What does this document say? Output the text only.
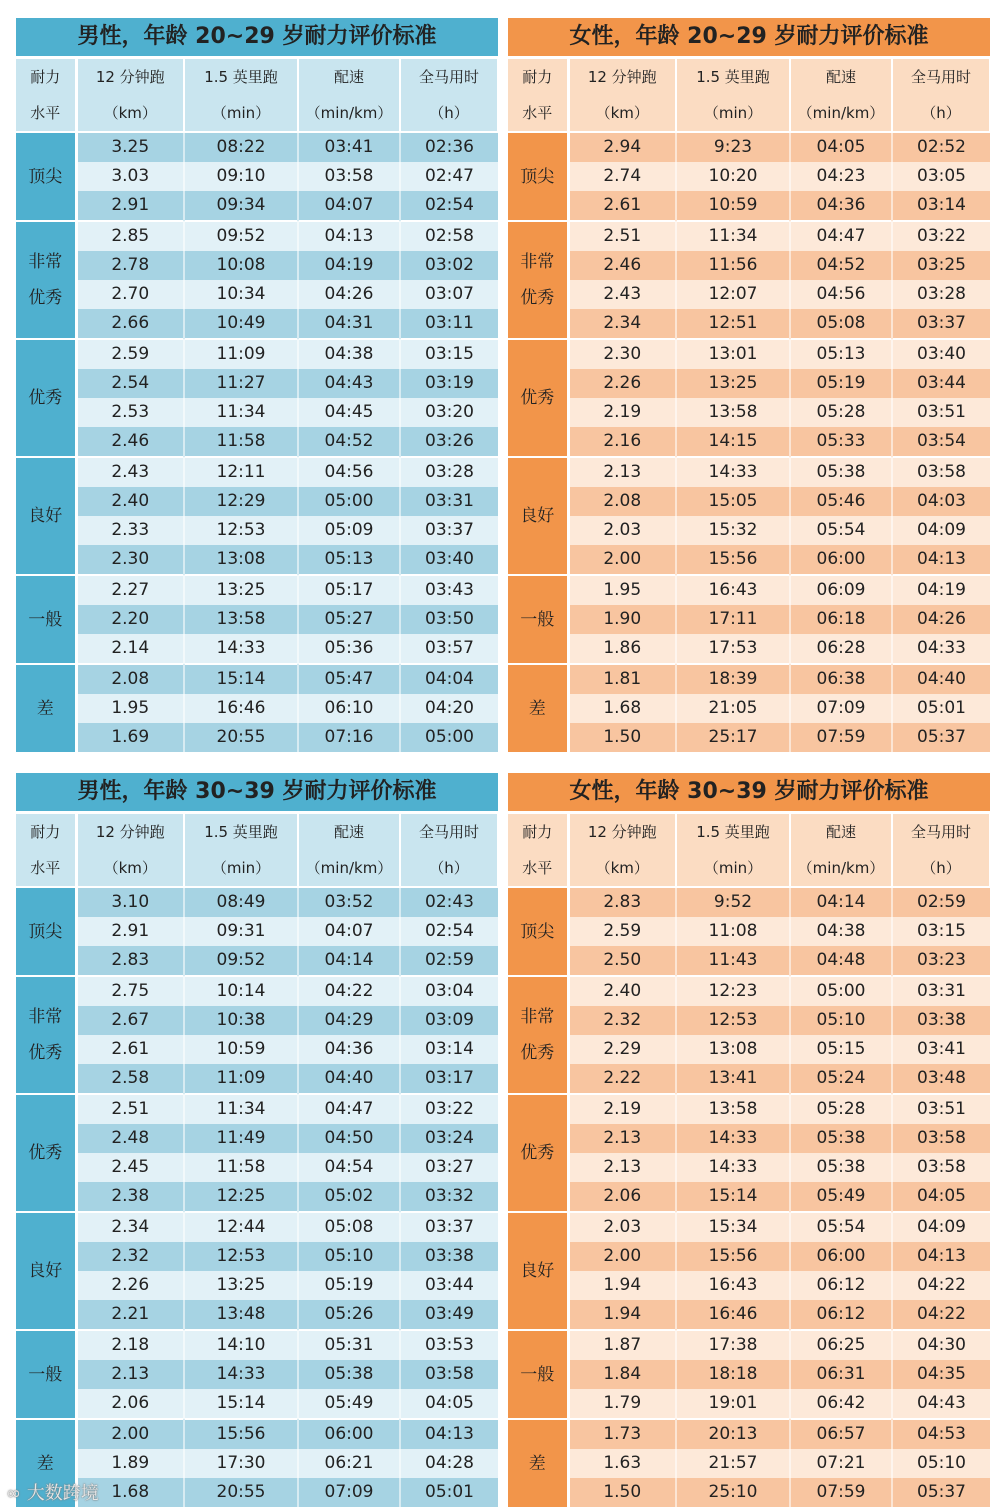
男性，年龄 20~29 岁耐力评价标准
耐力	12 分钟跑	1.5 英里跑	配速	全马用时
水平	（km）	（min）	（min/km）	（h）
顶尖	3.25	08:22	03:41	02:36
	3.03	09:10	03:58	02:47
	2.91	09:34	04:07	02:54

非常
优秀	2.85	09:52	04:13	02:58
	2.78	10:08	04:19	03:02
	2.70	10:34	04:26	03:07
	2.66	10:49	04:31	03:11
优秀	2.59	11:09	04:38	03:15
	2.54	11:27	04:43	03:19
	2.53	11:34	04:45	03:20
	2.46	11:58	04:52	03:26
良好	2.43	12:11	04:56	03:28
	2.40	12:29	05:00	03:31
	2.33	12:53	05:09	03:37
	2.30	13:08	05:13	03:40
一般	2.27	13:25	05:17	03:43
	2.20	13:58	05:27	03:50
	2.14	14:33	05:36	03:57
差	2.08	15:14	05:47	04:04
	1.95	16:46	06:10	04:20
	1.69	20:55	07:16	05:00
女性，年龄 20~29 岁耐力评价标准
耐力	12 分钟跑	1.5 英里跑	配速	全马用时
水平	（km）	（min）	（min/km）	（h）
顶尖	2.94	9:23	04:05	02:52
	2.74	10:20	04:23	03:05
	2.61	10:59	04:36	03:14

非常
优秀	2.51	11:34	04:47	03:22
	2.46	11:56	04:52	03:25
	2.43	12:07	04:56	03:28
	2.34	12:51	05:08	03:37
优秀	2.30	13:01	05:13	03:40
	2.26	13:25	05:19	03:44
	2.19	13:58	05:28	03:51
	2.16	14:15	05:33	03:54
良好	2.13	14:33	05:38	03:58
	2.08	15:05	05:46	04:03
	2.03	15:32	05:54	04:09
	2.00	15:56	06:00	04:13
一般	1.95	16:43	06:09	04:19
	1.90	17:11	06:18	04:26
	1.86	17:53	06:28	04:33
差	1.81	18:39	06:38	04:40
	1.68	21:05	07:09	05:01
	1.50	25:17	07:59	05:37
男性，年龄 30~39 岁耐力评价标准
耐力	12 分钟跑	1.5 英里跑	配速	全马用时
水平	（km）	（min）	（min/km）	（h）
顶尖	3.10	08:49	03:52	02:43
	2.91	09:31	04:07	02:54
	2.83	09:52	04:14	02:59

非常
优秀	2.75	10:14	04:22	03:04
	2.67	10:38	04:29	03:09
	2.61	10:59	04:36	03:14
	2.58	11:09	04:40	03:17
优秀	2.51	11:34	04:47	03:22
	2.48	11:49	04:50	03:24
	2.45	11:58	04:54	03:27
	2.38	12:25	05:02	03:32
良好	2.34	12:44	05:08	03:37
	2.32	12:53	05:10	03:38
	2.26	13:25	05:19	03:44
	2.21	13:48	05:26	03:49
一般	2.18	14:10	05:31	03:53
	2.13	14:33	05:38	03:58
	2.06	15:14	05:49	04:05
差	2.00	15:56	06:00	04:13
	1.89	17:30	06:21	04:28
	1.68	20:55	07:09	05:01
女性，年龄 30~39 岁耐力评价标准
耐力	12 分钟跑	1.5 英里跑	配速	全马用时
水平	（km）	（min）	（min/km）	（h）
顶尖	2.83	9:52	04:14	02:59
	2.59	11:08	04:38	03:15
	2.50	11:43	04:48	03:23

非常
优秀	2.40	12:23	05:00	03:31
	2.32	12:53	05:10	03:38
	2.29	13:08	05:15	03:41
	2.22	13:41	05:24	03:48
优秀	2.19	13:58	05:28	03:51
	2.13	14:33	05:38	03:58
	2.13	14:33	05:38	03:58
	2.06	15:14	05:49	04:05
良好	2.03	15:34	05:54	04:09
	2.00	15:56	06:00	04:13
	1.94	16:43	06:12	04:22
	1.94	16:46	06:12	04:22
一般	1.87	17:38	06:25	04:30
	1.84	18:18	06:31	04:35
	1.79	19:01	06:42	04:43
差	1.73	20:13	06:57	04:53
	1.63	21:57	07:21	05:10
	1.50	25:10	07:59	05:37
∞ 大数跨境
